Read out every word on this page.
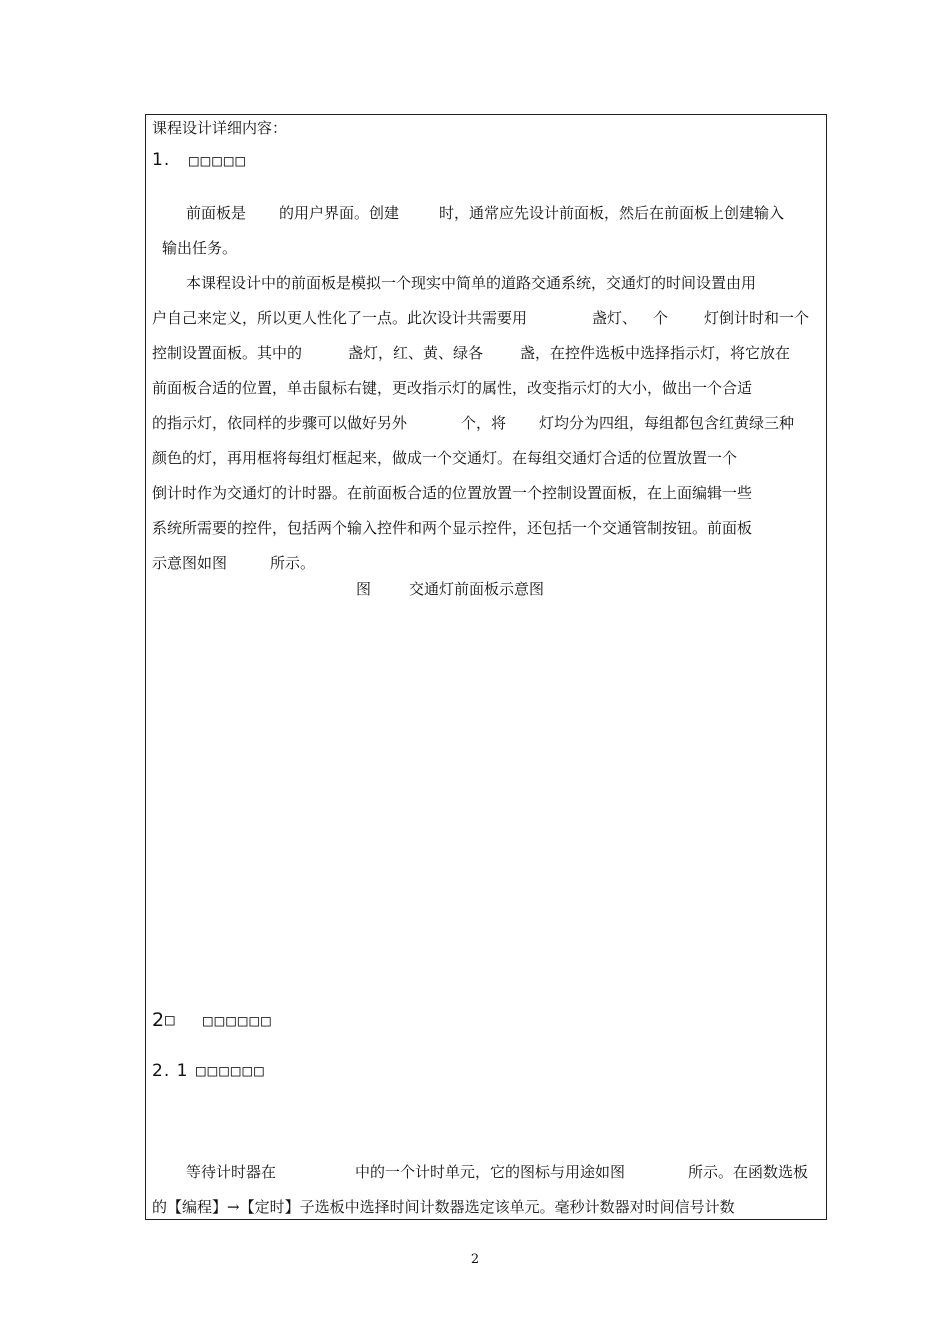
课程设计详细内容：
1. □□□□□
前面板是 的用户界面。创建	时，通常应先设计前面板，然后在前面板上创建输入
输出任务。
本课程设计中的前面板是模拟一个现实中简单的道路交通系统，交通灯的时间设置由用
户自己来定义，所以更人性化了一点。此次设计共需要用	盏灯、 个 灯倒计时和一个
控制设置面板。其中的	盏灯，红、黄、绿各 盏，在控件选板中选择指示灯，将它放在
前面板合适的位置，单击鼠标右键，更改指示灯的属性，改变指示灯的大小，做出一个合适
的指示灯，依同样的步骤可以做好另外	个，将 灯均分为四组，每组都包含红黄绿三种
颜色的灯，再用框将每组灯框起来，做成一个交通灯。在每组交通灯合适的位置放置一个
倒计时作为交通灯的计时器。在前面板合适的位置放置一个控制设置面板，在上面编辑一些
系统所需要的控件，包括两个输入控件和两个显示控件，还包括一个交通管制按钮。前面板
示意图如图	所示。
图	交通灯前面板示意图
2 □ □□□□□□
2. 1 □□□□□□
等待计时器在	中的一个计时单元，它的图标与用途如图	所示。在函数选板
的【编程】→【定时】子选板中选择时间计数器选定该单元。毫秒计数器对时间信号计数
2
